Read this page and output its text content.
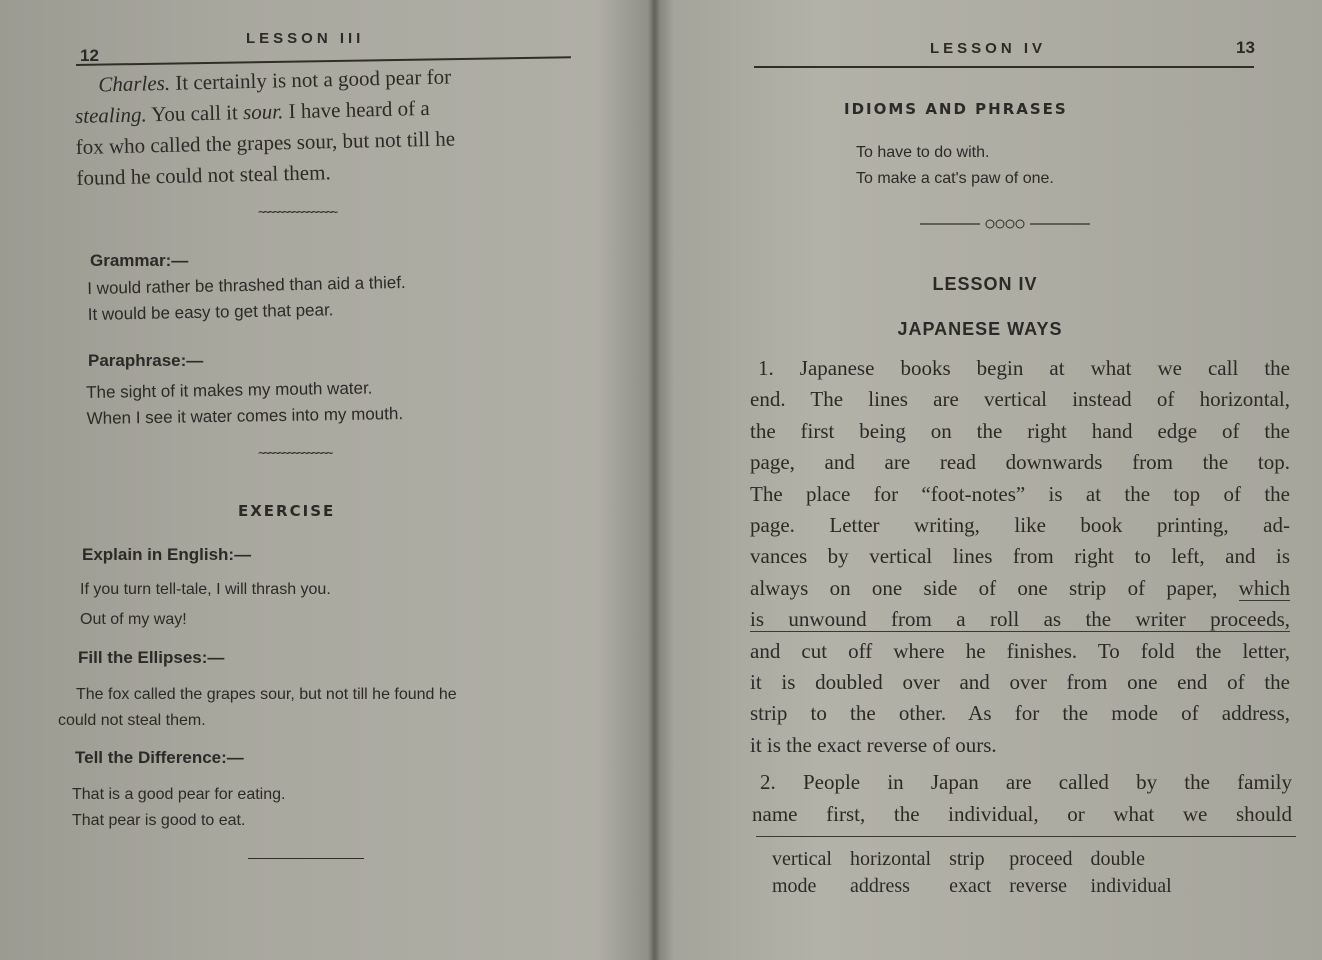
12
LESSON III

Charles. It certainly is not a good pear for

stealing. You call it sour. I have heard of a

fox who called the grapes sour, but not till he

found he could not steal them.

~~~~~~~~~~~~~~~~
Grammar:—
I would rather be thrashed than aid a thief.
It would be easy to get that pear.
Paraphrase:—
The sight of it makes my mouth water.
When I see it water comes into my mouth.
~~~~~~~~~~~~~~~
EXERCISE
Explain in English:—
If you turn tell-tale, I will thrash you.
Out of my way!
Fill the Ellipses:—
The fox called the grapes sour, but not till he found he
could not steal them.
Tell the Difference:—
That is a good pear for eating.
That pear is good to eat.
LESSON IV	13
IDIOMS AND PHRASES
To have to do with.
To make a cat's paw of one.
LESSON IV
JAPANESE WAYS

1. Japanese books begin at what we call the

end. The lines are vertical instead of horizontal,

the first being on the right hand edge of the

page, and are read downwards from the top.

The place for “foot-notes” is at the top of the

page. Letter writing, like book printing, ad-

vances by vertical lines from right to left, and is

always on one side of one strip of paper, which

is unwound from a roll as the writer proceeds,

and cut off where he finishes. To fold the letter,

it is doubled over and over from one end of the

strip to the other. As for the mode of address,

it is the exact reverse of ours.

2. People in Japan are called by the family

name first, the individual, or what we should

vertical	horizontal	strip	proceed	double
mode	address	exact	reverse	individual
